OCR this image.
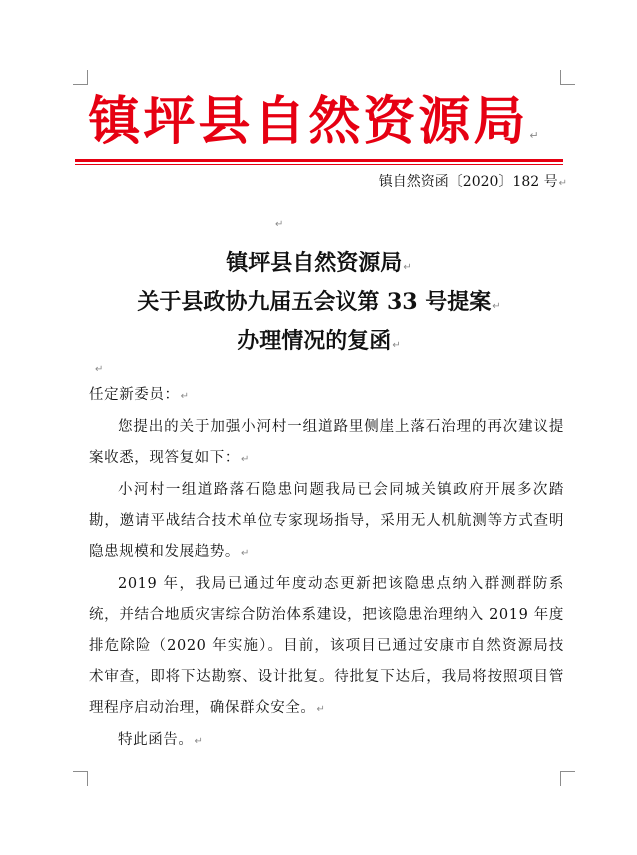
镇坪县自然资源局↵
镇自然资函〔2020〕182 号↵
↵
镇坪县自然资源局↵
关于县政协九届五会议第 33 号提案↵
办理情况的复函↵
↵

任定新委员：↵

您提出的关于加强小河村一组道路里侧崖上落石治理的再次建议提案收悉，现答复如下：↵

小河村一组道路落石隐患问题我局已会同城关镇政府开展多次踏勘，邀请平战结合技术单位专家现场指导，采用无人机航测等方式查明隐患规模和发展趋势。↵

2019 年，我局已通过年度动态更新把该隐患点纳入群测群防系统，并结合地质灾害综合防治体系建设，把该隐患治理纳入 2019 年度排危除险（2020 年实施）。目前，该项目已通过安康市自然资源局技术审查，即将下达勘察、设计批复。待批复下达后，我局将按照项目管理程序启动治理，确保群众安全。↵

特此函告。↵
